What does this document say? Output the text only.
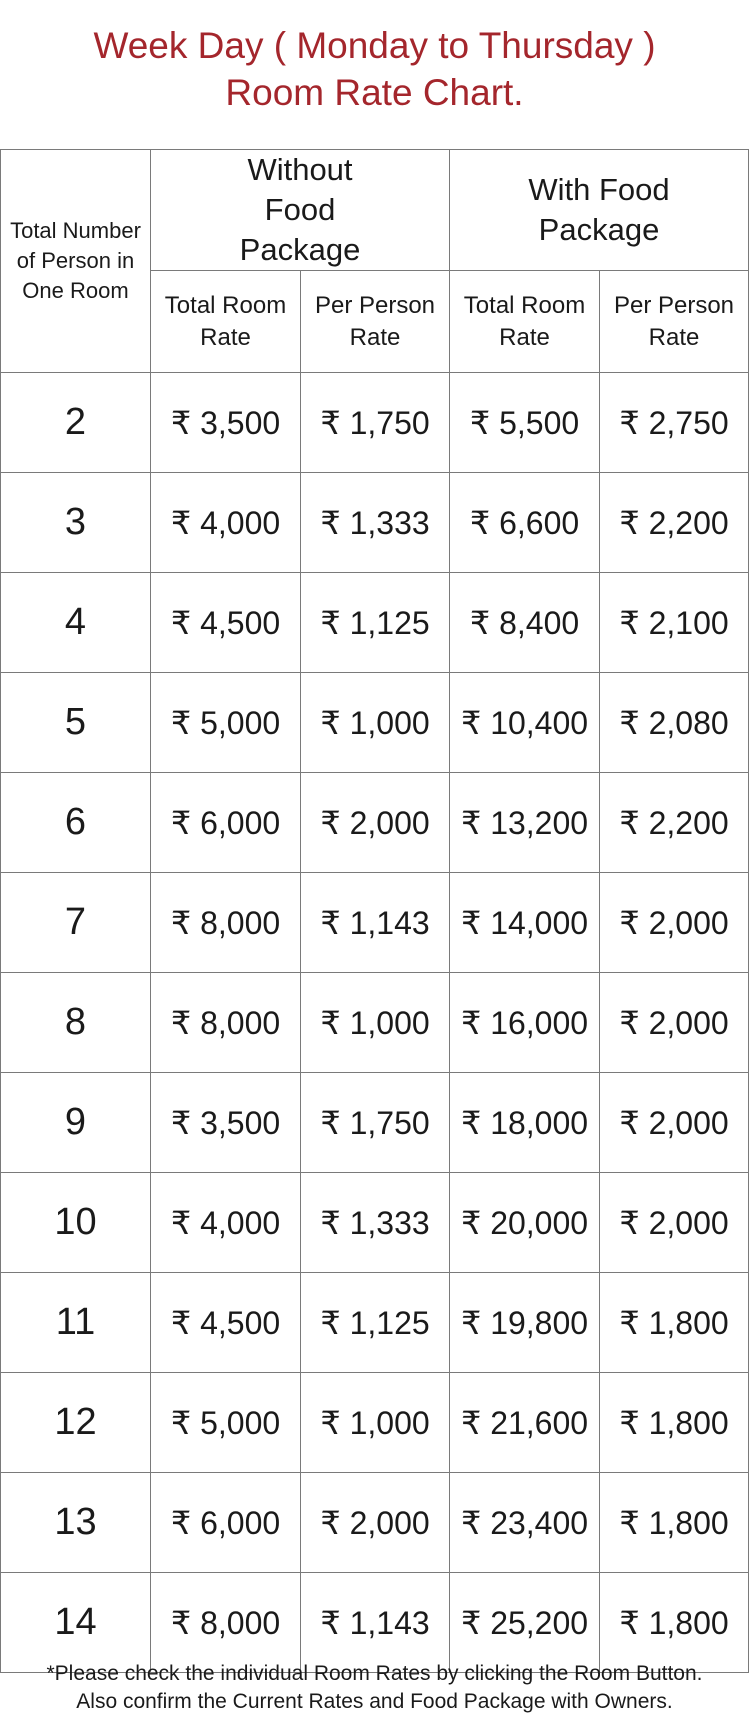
Week Day ( Monday to Thursday )
Room Rate Chart.
Total Number of Person in One Room	Without Food Package		With Food Package	

	Total Room Rate	Per Person Rate	Total Room Rate	Per Person Rate

2	₹ 3,500	₹ 1,750	₹ 5,500	₹ 2,750
3	₹ 4,000	₹ 1,333	₹ 6,600	₹ 2,200
4	₹ 4,500	₹ 1,125	₹ 8,400	₹ 2,100
5	₹ 5,000	₹ 1,000	₹ 10,400	₹ 2,080
6	₹ 6,000	₹ 2,000	₹ 13,200	₹ 2,200
7	₹ 8,000	₹ 1,143	₹ 14,000	₹ 2,000
8	₹ 8,000	₹ 1,000	₹ 16,000	₹ 2,000
9	₹ 3,500	₹ 1,750	₹ 18,000	₹ 2,000
10	₹ 4,000	₹ 1,333	₹ 20,000	₹ 2,000
11	₹ 4,500	₹ 1,125	₹ 19,800	₹ 1,800
12	₹ 5,000	₹ 1,000	₹ 21,600	₹ 1,800
13	₹ 6,000	₹ 2,000	₹ 23,400	₹ 1,800
14	₹ 8,000	₹ 1,143	₹ 25,200	₹ 1,800
*Please check the individual Room Rates by clicking the Room Button.
Also confirm the Current Rates and Food Package with Owners.
